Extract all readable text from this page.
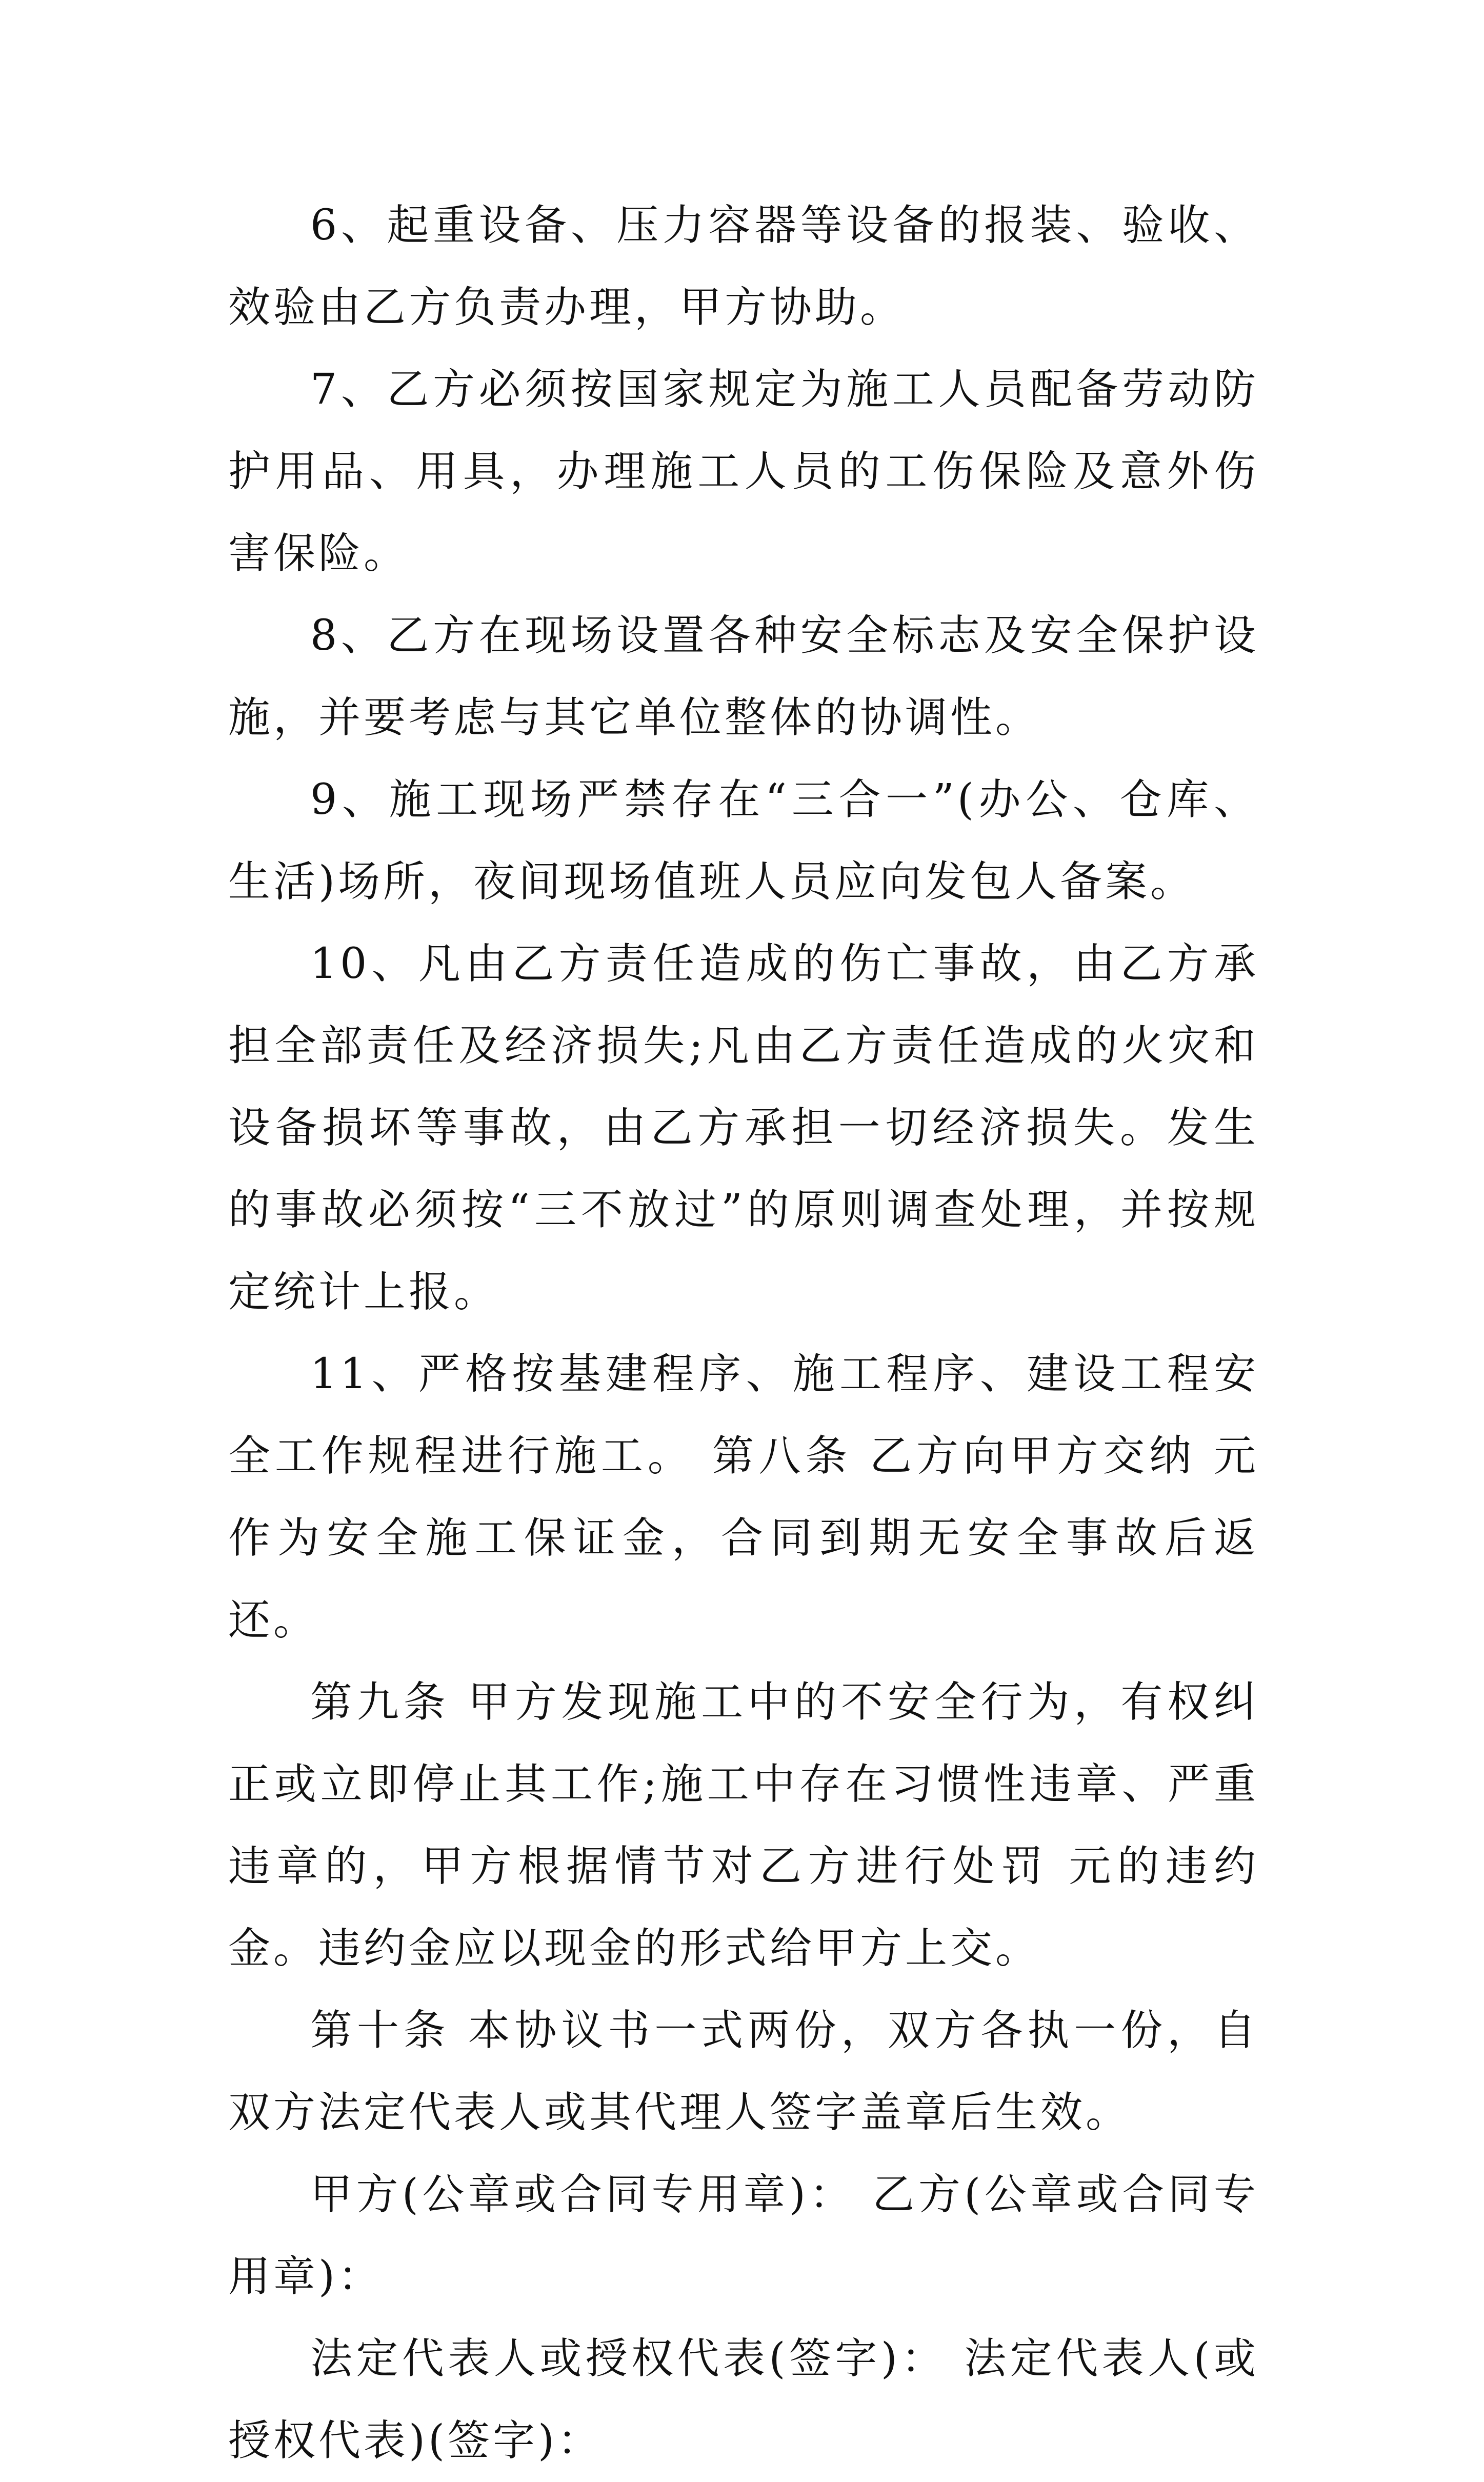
6、起重设备、压力容器等设备的报装、验收、效验由乙方负责办理，甲方协助。

7、乙方必须按国家规定为施工人员配备劳动防护用品、用具，办理施工人员的工伤保险及意外伤害保险。

8、乙方在现场设置各种安全标志及安全保护设施，并要考虑与其它单位整体的协调性。

9、施工现场严禁存在“三合一”(办公、仓库、生活)场所，夜间现场值班人员应向发包人备案。

10、凡由乙方责任造成的伤亡事故，由乙方承担全部责任及经济损失;凡由乙方责任造成的火灾和设备损坏等事故，由乙方承担一切经济损失。发生的事故必须按“三不放过”的原则调查处理，并按规定统计上报。

11、严格按基建程序、施工程序、建设工程安全工作规程进行施工。 第八条 乙方向甲方交纳 元作为安全施工保证金，合同到期无安全事故后返还。

第九条 甲方发现施工中的不安全行为，有权纠正或立即停止其工作;施工中存在习惯性违章、严重违章的，甲方根据情节对乙方进行处罚 元的违约金。违约金应以现金的形式给甲方上交。

第十条 本协议书一式两份，双方各执一份，自双方法定代表人或其代理人签字盖章后生效。

甲方(公章或合同专用章)： 乙方(公章或合同专用章)：

法定代表人或授权代表(签字)： 法定代表人(或授权代表)(签字)：
